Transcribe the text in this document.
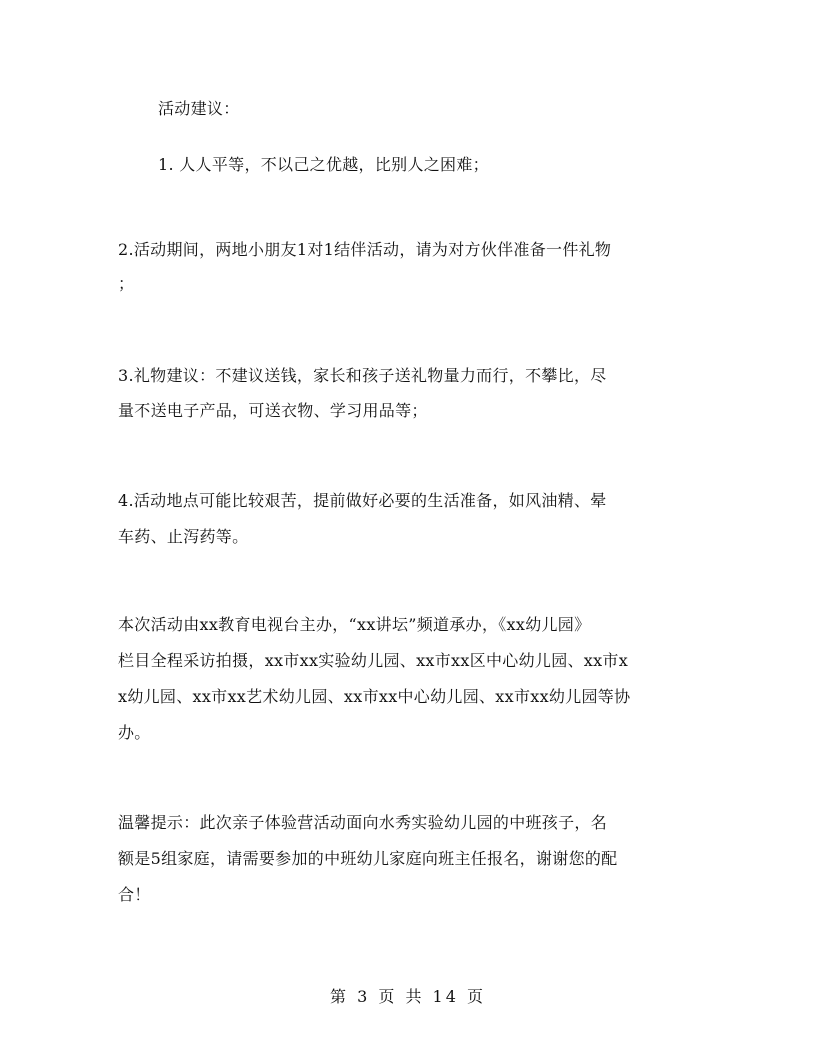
活动建议：
1. 人人平等，不以己之优越，比别人之困难；
2.活动期间，两地小朋友1对1结伴活动，请为对方伙伴准备一件礼物
；
3.礼物建议：不建议送钱，家长和孩子送礼物量力而行，不攀比，尽
量不送电子产品，可送衣物、学习用品等；
4.活动地点可能比较艰苦，提前做好必要的生活准备，如风油精、晕
车药、止泻药等。
本次活动由xx教育电视台主办，“xx讲坛”频道承办，《xx幼儿园》
栏目全程采访拍摄，xx市xx实验幼儿园、xx市xx区中心幼儿园、xx市x
x幼儿园、xx市xx艺术幼儿园、xx市xx中心幼儿园、xx市xx幼儿园等协
办。
温馨提示：此次亲子体验营活动面向水秀实验幼儿园的中班孩子，名
额是5组家庭，请需要参加的中班幼儿家庭向班主任报名，谢谢您的配
合！
第 3 页 共 14 页
